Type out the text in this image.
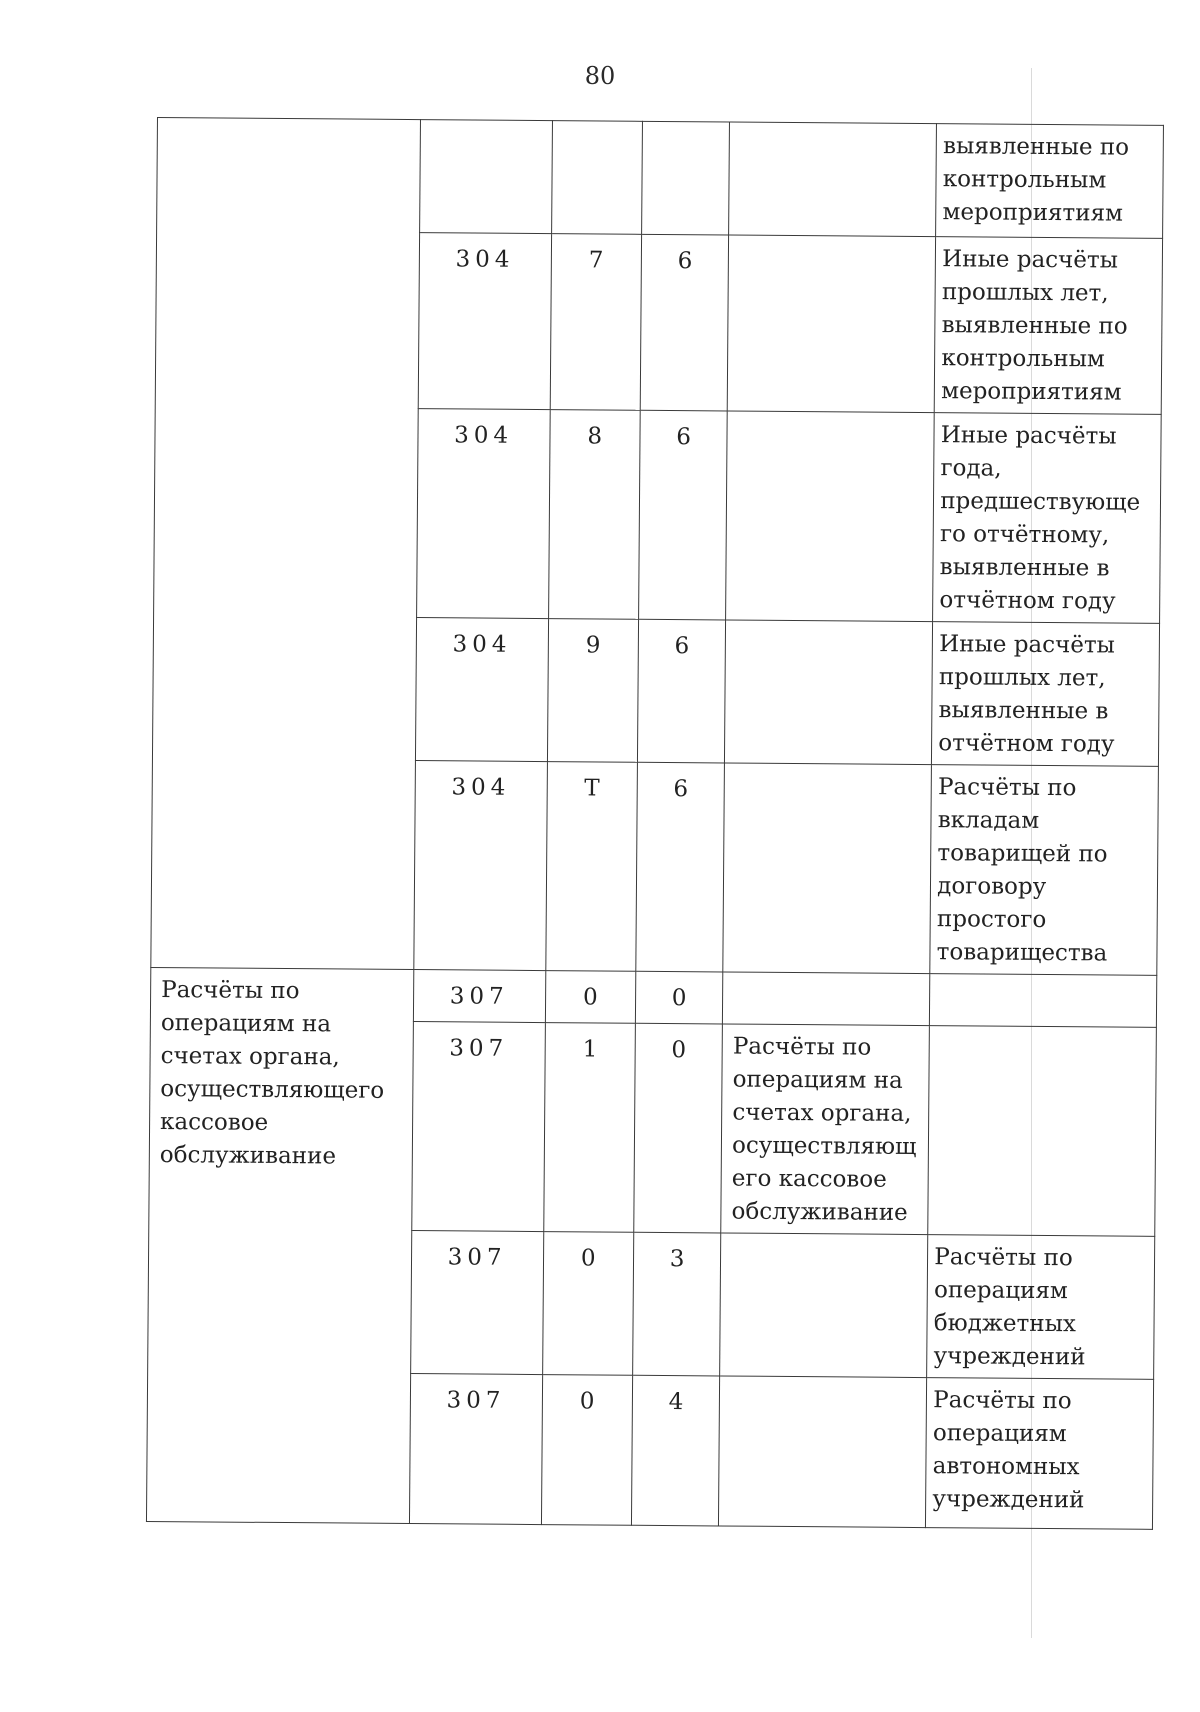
80
					выявленные по контрольным мероприятиям
	304	7	6		Иные расчёты прошлых лет, выявленные по контрольным мероприятиям
	304	8	6		Иные расчёты года, предшествующе го отчётному, выявленные в отчётном году
	304	9	6		Иные расчёты прошлых лет, выявленные в отчётном году
	304	Т	6		Расчёты по вкладам товарищей по договору простого товарищества
Расчёты по операциям на счетах органа, осуществляющего кассовое обслуживание	307	0	0		
	307	1	0	Расчёты по операциям на счетах органа, осуществляющ его кассовое обслуживание	
	307	0	3		Расчёты по операциям бюджетных учреждений
	307	0	4		Расчёты по операциям автономных учреждений
